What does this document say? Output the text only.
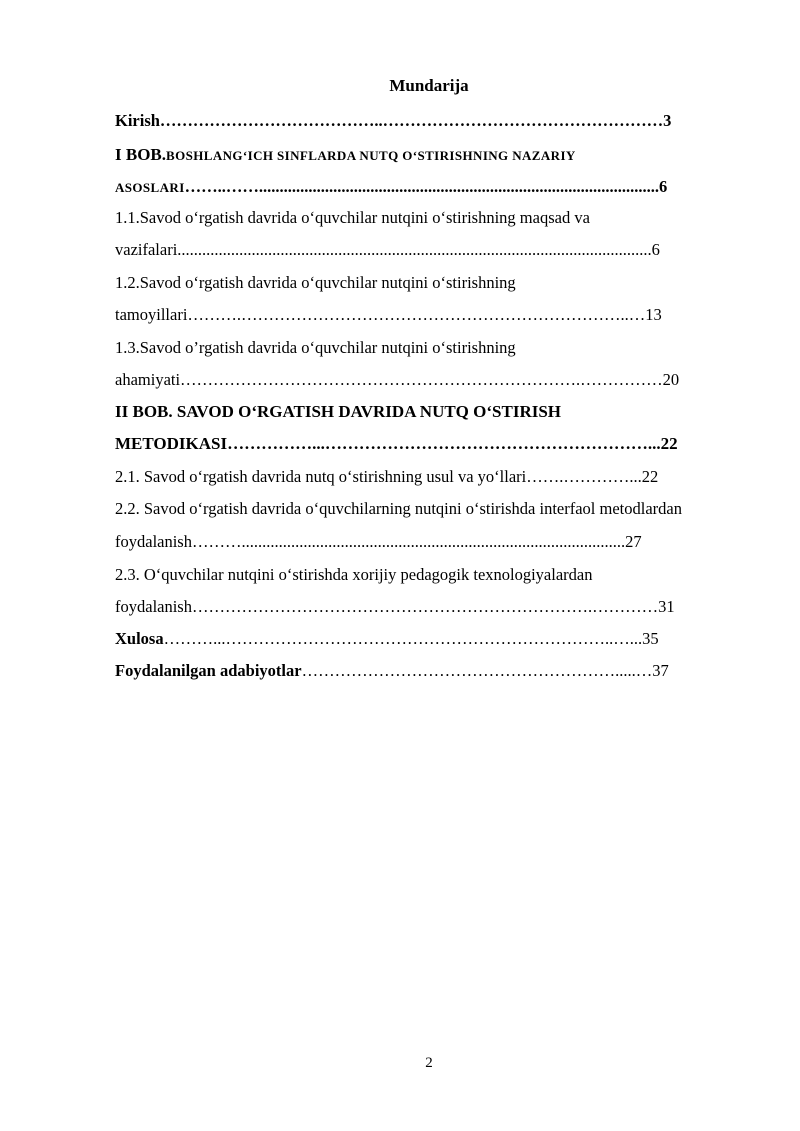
Mundarija
Kirish…………………………………..……………………………………………3
I BOB.BOSHLANG‘ICH SINFLARDA NUTQ O‘STIRISHNING NAZARIY
ASOSLARI……..…….................................................................................................6
1.1.Savod o‘rgatish davrida o‘quvchilar nutqini o‘stirishning maqsad va
vazifalari...................................................................................................................6
1.2.Savod o‘rgatish davrida o‘quvchilar nutqini o‘stirishning
tamoyillari……….……………………………………………………………..…13
1.3.Savod o’rgatish davrida o‘quvchilar nutqini o‘stirishning
ahamiyati……………………………………………………………….……………20
II BOB. SAVOD O‘RGATISH DAVRIDA NUTQ O‘STIRISH
METODIKASI……………...…………………………………………………...22
2.1. Savod o‘rgatish davrida nutq o‘stirishning usul va yo‘llari…….…………...22
2.2. Savod o‘rgatish davrida o‘quvchilarning nutqini o‘stirishda interfaol metodlardan
foydalanish……….............................................................................................27
2.3. O‘quvchilar nutqini o‘stirishda xorijiy pedagogik texnologiyalardan
foydalanish……………………………………………………………….…………31
Xulosa………...……………………………………………………………..…...35
Foydalanilgan adabiyotlar………………………………………………….....…37
2
